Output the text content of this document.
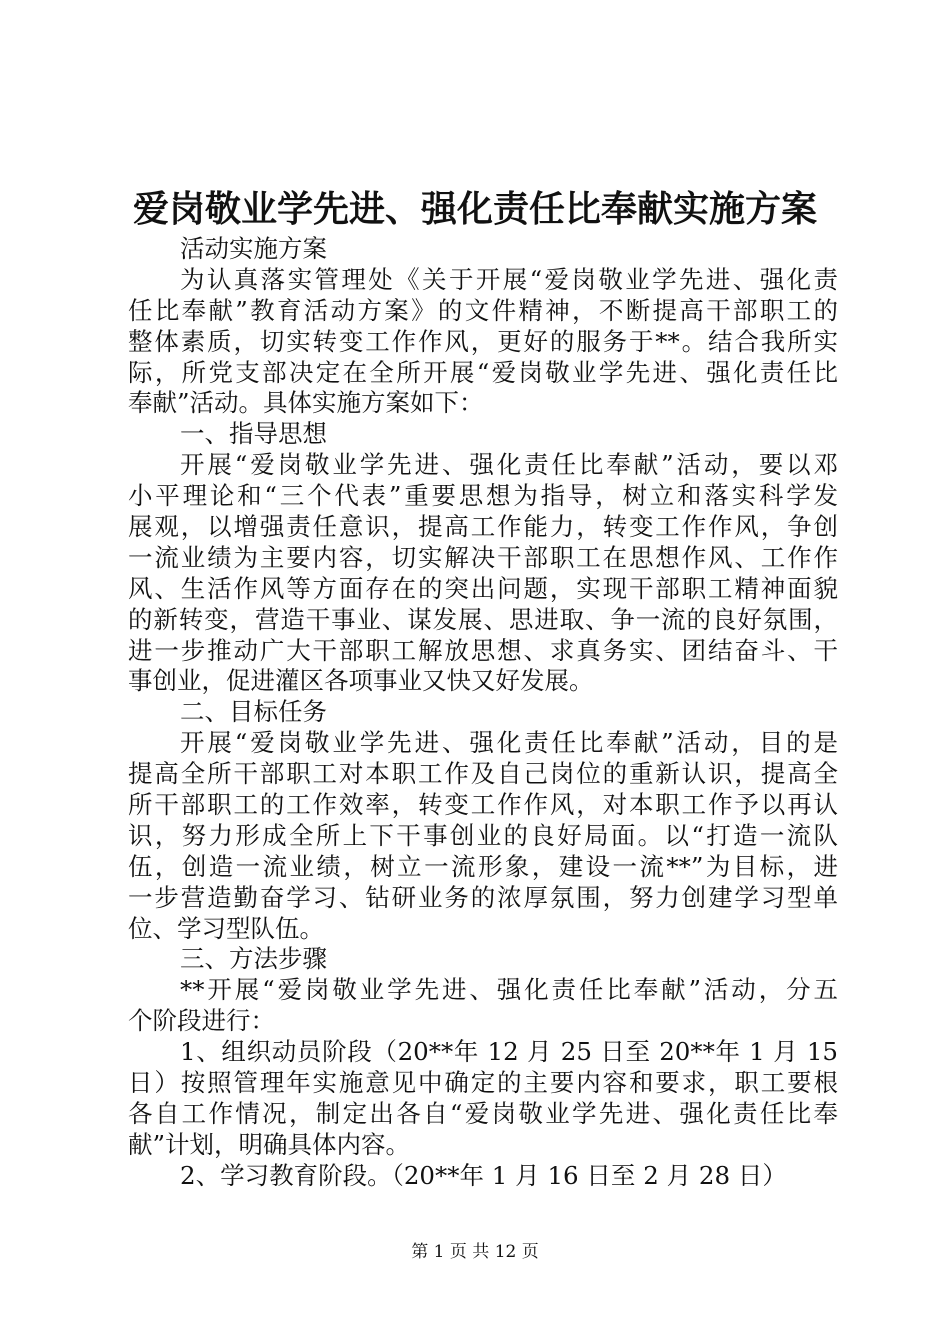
爱岗敬业学先进、强化责任比奉献实施方案
活动实施方案
为认真落实管理处《关于开展“爱岗敬业学先进、强化责
任比奉献”教育活动方案》的文件精神，不断提高干部职工的
整体素质，切实转变工作作风，更好的服务于**。结合我所实
际，所党支部决定在全所开展“爱岗敬业学先进、强化责任比
奉献”活动。具体实施方案如下：
一、指导思想
开展“爱岗敬业学先进、强化责任比奉献”活动，要以邓
小平理论和“三个代表”重要思想为指导，树立和落实科学发
展观，以增强责任意识，提高工作能力，转变工作作风，争创
一流业绩为主要内容，切实解决干部职工在思想作风、工作作
风、生活作风等方面存在的突出问题，实现干部职工精神面貌
的新转变，营造干事业、谋发展、思进取、争一流的良好氛围，
进一步推动广大干部职工解放思想、求真务实、团结奋斗、干
事创业，促进灌区各项事业又快又好发展。
二、目标任务
开展“爱岗敬业学先进、强化责任比奉献”活动，目的是
提高全所干部职工对本职工作及自己岗位的重新认识，提高全
所干部职工的工作效率，转变工作作风，对本职工作予以再认
识，努力形成全所上下干事创业的良好局面。以“打造一流队
伍，创造一流业绩，树立一流形象，建设一流**”为目标，进
一步营造勤奋学习、钻研业务的浓厚氛围，努力创建学习型单
位、学习型队伍。
三、方法步骤
**开展“爱岗敬业学先进、强化责任比奉献”活动，分五
个阶段进行：
1、组织动员阶段（20**年 12 月 25 日至 20**年 1 月 15
日）按照管理年实施意见中确定的主要内容和要求，职工要根
各自工作情况，制定出各自“爱岗敬业学先进、强化责任比奉
献”计划，明确具体内容。
2、学习教育阶段。（20**年 1 月 16 日至 2 月 28 日）
第 1 页 共 12 页
